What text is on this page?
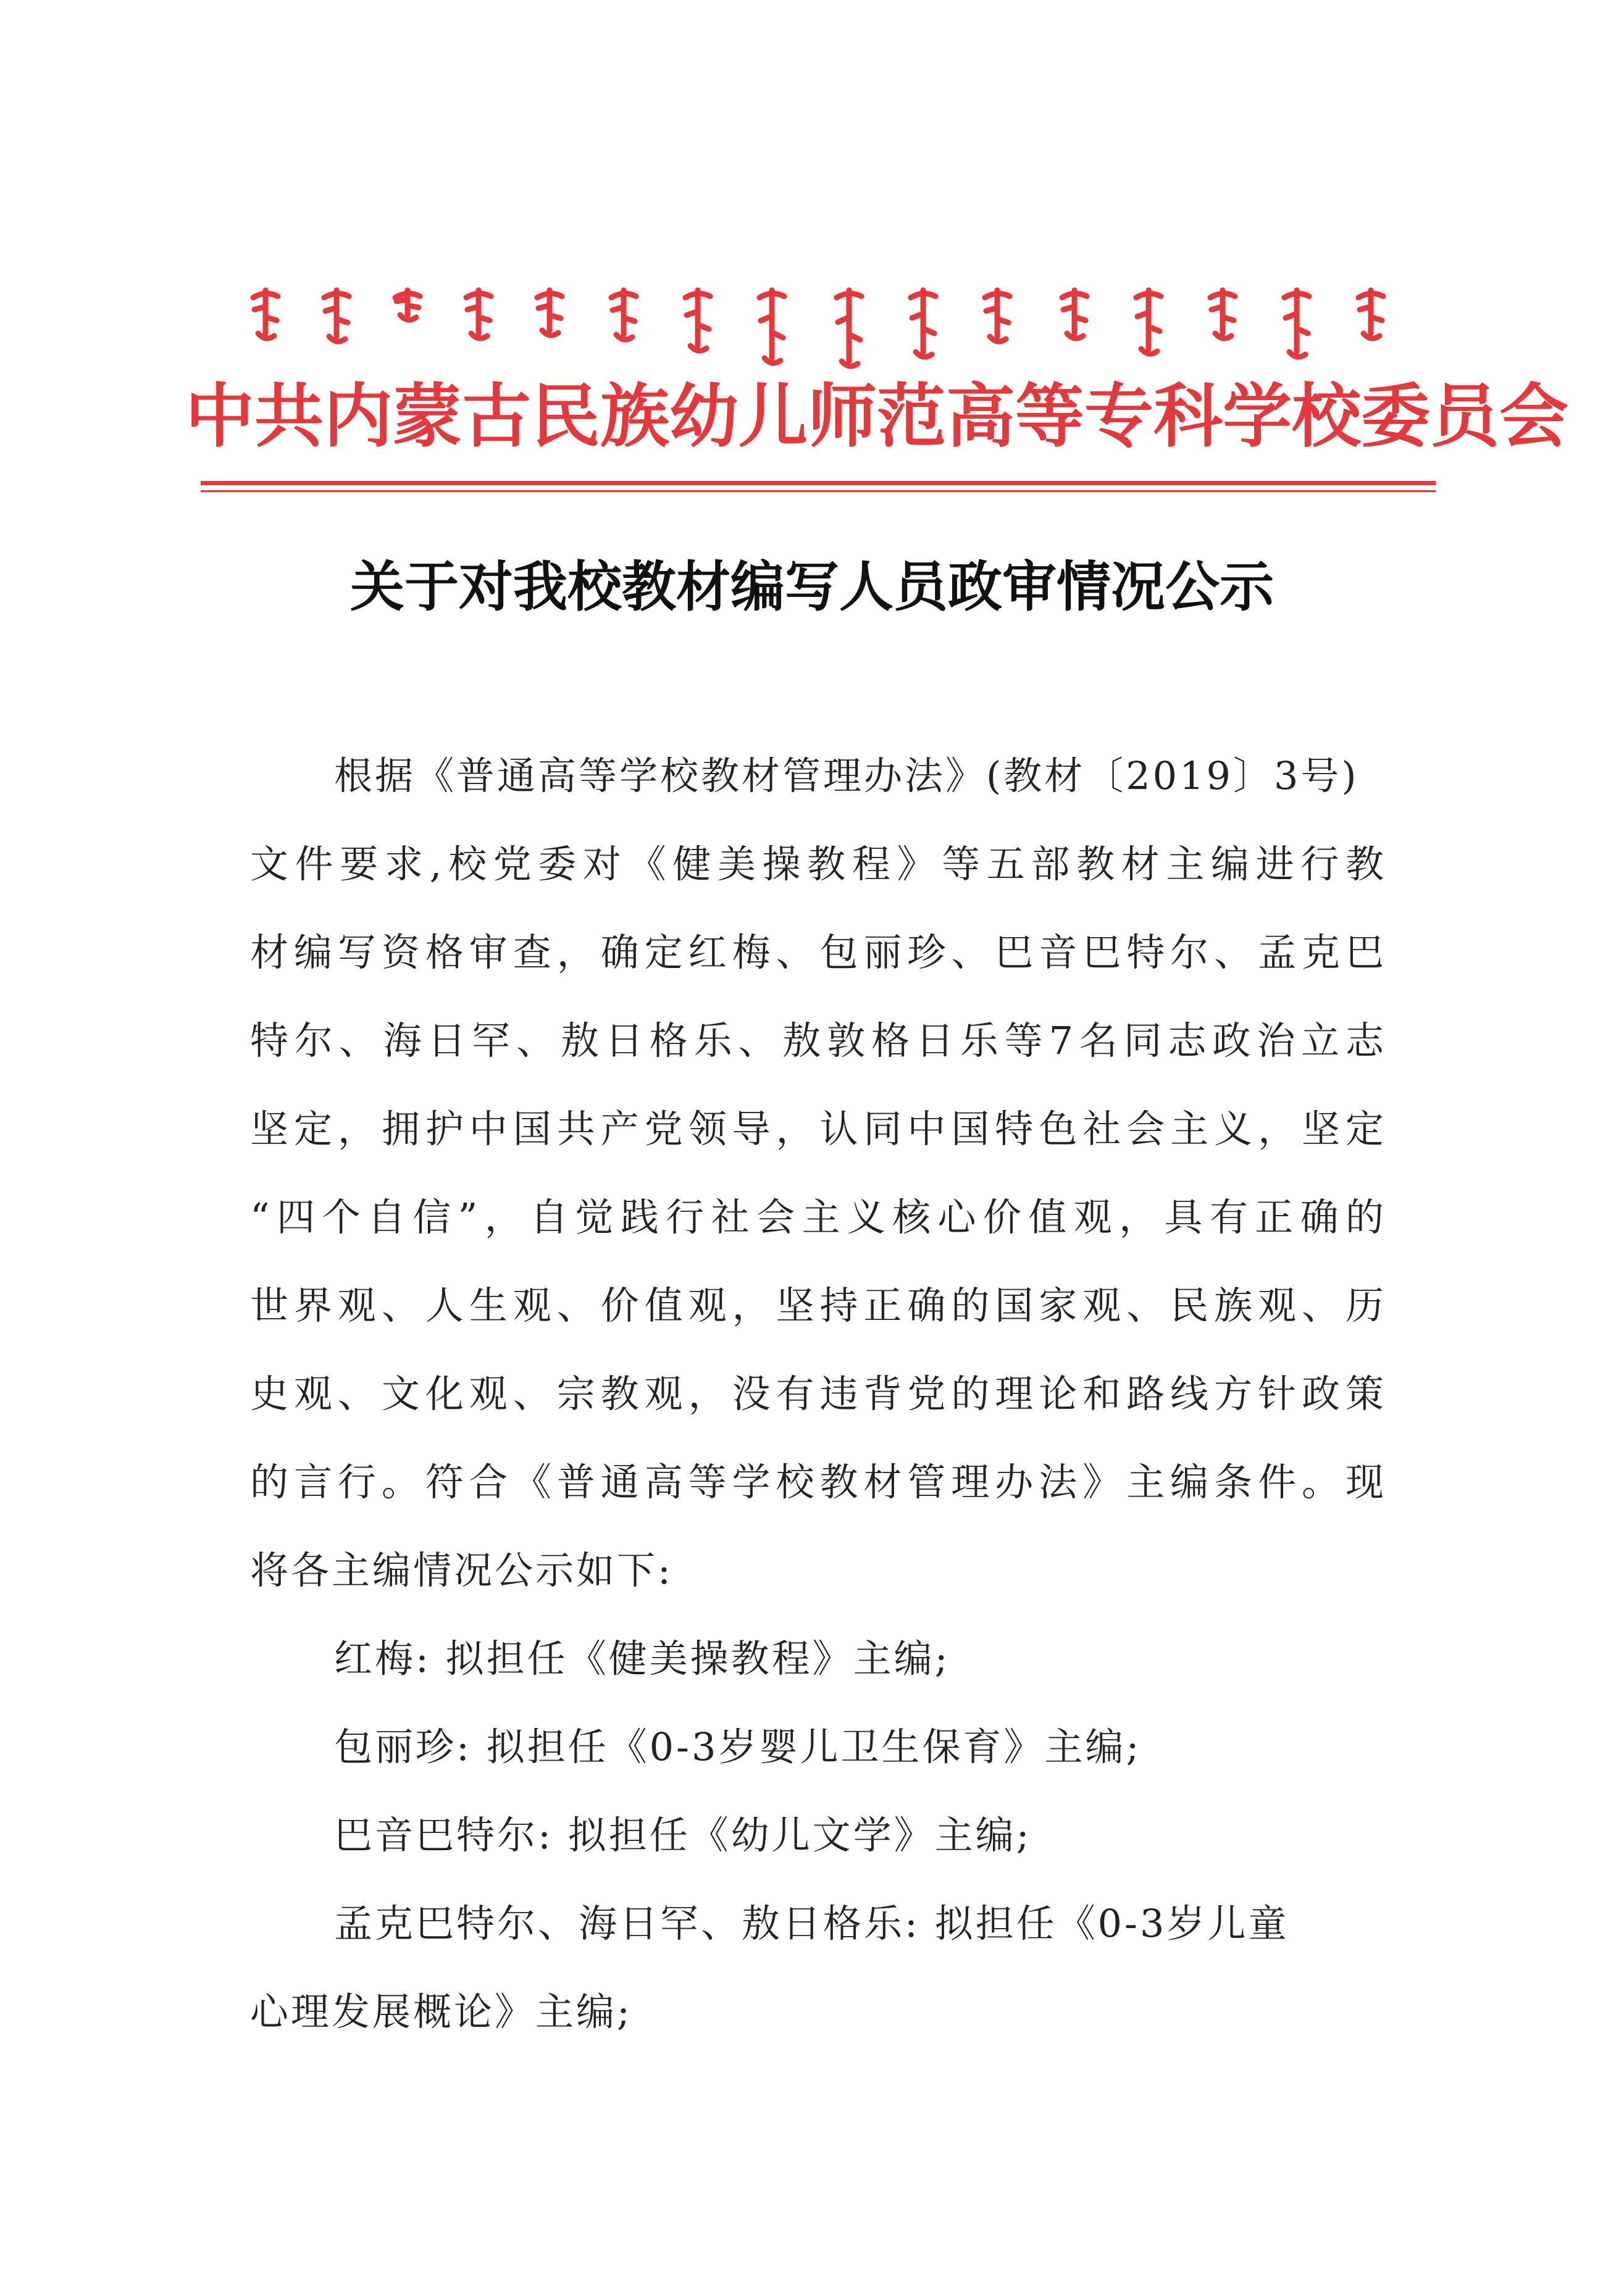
中共内蒙古民族幼儿师范高等专科学校委员会
关于对我校教材编写人员政审情况公示
根据《普通高等学校教材管理办法》(教材〔2019〕3号)
文件要求,校党委对《健美操教程》等五部教材主编进行教
材编写资格审查，确定红梅、包丽珍、巴音巴特尔、孟克巴
特尔、海日罕、敖日格乐、敖敦格日乐等7名同志政治立志
坚定，拥护中国共产党领导，认同中国特色社会主义，坚定
“四个自信”，自觉践行社会主义核心价值观，具有正确的
世界观、人生观、价值观，坚持正确的国家观、民族观、历
史观、文化观、宗教观，没有违背党的理论和路线方针政策
的言行。符合《普通高等学校教材管理办法》主编条件。现
将各主编情况公示如下:
红梅: 拟担任《健美操教程》主编;
包丽珍: 拟担任《0-3岁婴儿卫生保育》主编;
巴音巴特尔: 拟担任《幼儿文学》主编;
孟克巴特尔、海日罕、敖日格乐: 拟担任《0-3岁儿童
心理发展概论》主编;
